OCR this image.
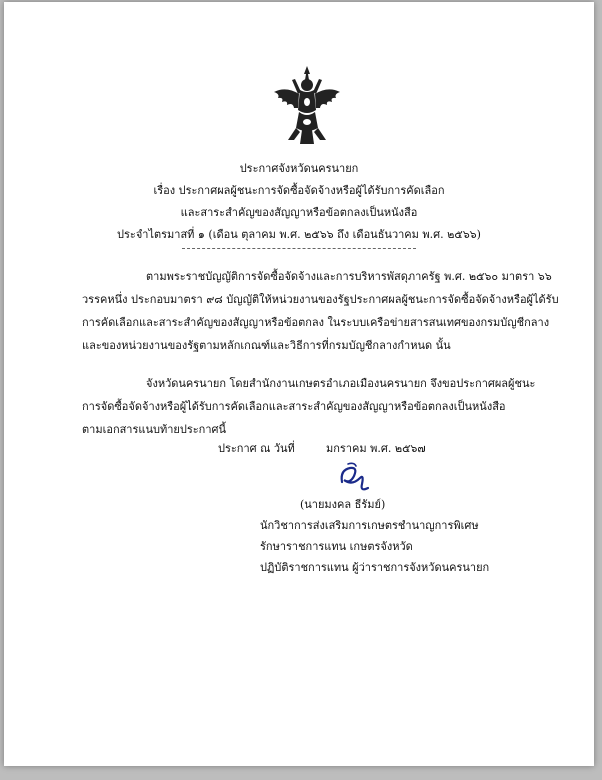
ประกาศจังหวัดนครนายก
เรื่อง ประกาศผลผู้ชนะการจัดซื้อจัดจ้างหรือผู้ได้รับการคัดเลือก
และสาระสำคัญของสัญญาหรือข้อตกลงเป็นหนังสือ
ประจำไตรมาสที่ ๑ (เดือน ตุลาคม พ.ศ. ๒๕๖๖ ถึง เดือนธันวาคม พ.ศ. ๒๕๖๖)
ตามพระราชบัญญัติการจัดซื้อจัดจ้างและการบริหารพัสดุภาครัฐ พ.ศ. ๒๕๖๐ มาตรา ๖๖
วรรคหนึ่ง ประกอบมาตรา ๙๘ บัญญัติให้หน่วยงานของรัฐประกาศผลผู้ชนะการจัดซื้อจัดจ้างหรือผู้ได้รับ
การคัดเลือกและสาระสำคัญของสัญญาหรือข้อตกลง ในระบบเครือข่ายสารสนเทศของกรมบัญชีกลาง
และของหน่วยงานของรัฐตามหลักเกณฑ์และวิธีการที่กรมบัญชีกลางกำหนด นั้น
จังหวัดนครนายก โดยสำนักงานเกษตรอำเภอเมืองนครนายก จึงขอประกาศผลผู้ชนะ
การจัดซื้อจัดจ้างหรือผู้ได้รับการคัดเลือกและสาระสำคัญของสัญญาหรือข้อตกลงเป็นหนังสือ
ตามเอกสารแนบท้ายประกาศนี้
ประกาศ ณ วันที่	มกราคม พ.ศ. ๒๕๖๗
(นายมงคล ธีรัมย์)
นักวิชาการส่งเสริมการเกษตรชำนาญการพิเศษ
รักษาราชการแทน เกษตรจังหวัด
ปฏิบัติราชการแทน ผู้ว่าราชการจังหวัดนครนายก
